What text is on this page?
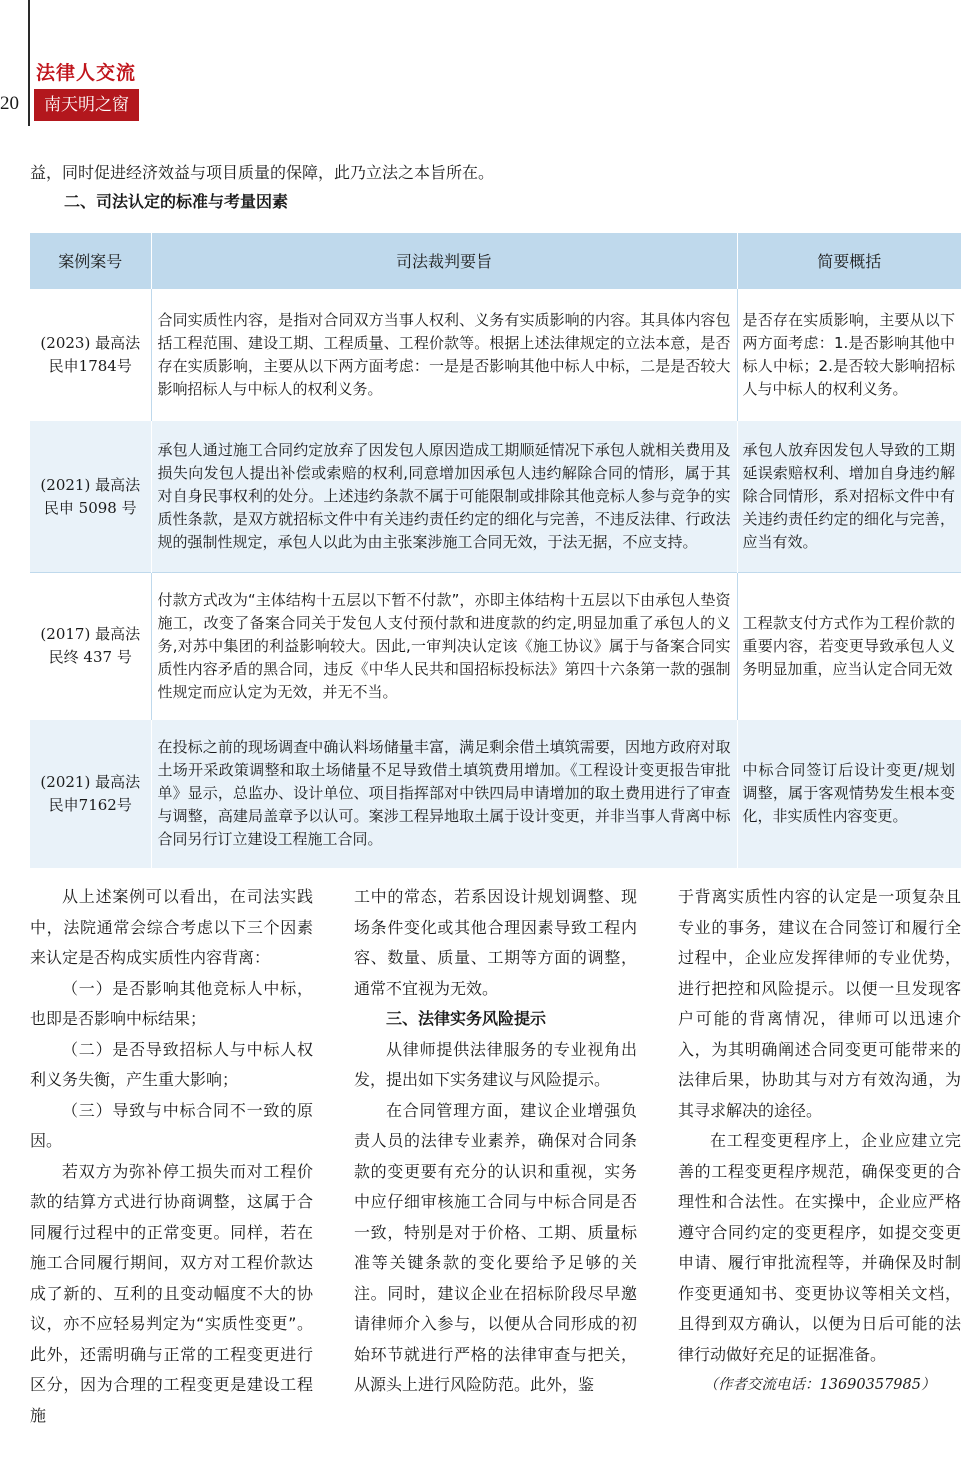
20
法律人交流
南天明之窗
益，同时促进经济效益与项目质量的保障，此乃立法之本旨所在。
二、司法认定的标准与考量因素
案例案号	司法裁判要旨	简要概括
(2023) 最高法民申1784号	合同实质性内容，是指对合同双方当事人权利、义务有实质影响的内容。其具体内容包括工程范围、建设工期、工程质量、工程价款等。根据上述法律规定的立法本意，是否存在实质影响，主要从以下两方面考虑：一是是否影响其他中标人中标，二是是否较大影响招标人与中标人的权利义务。	是否存在实质影响，主要从以下两方面考虑：1.是否影响其他中标人中标；2.是否较大影响招标人与中标人的权利义务。
(2021) 最高法民申 5098 号	承包人通过施工合同约定放弃了因发包人原因造成工期顺延情况下承包人就相关费用及损失向发包人提出补偿或索赔的权利,同意增加因承包人违约解除合同的情形，属于其对自身民事权利的处分。上述违约条款不属于可能限制或排除其他竞标人参与竞争的实质性条款，是双方就招标文件中有关违约责任约定的细化与完善，不违反法律、行政法规的强制性规定，承包人以此为由主张案涉施工合同无效，于法无据，不应支持。	承包人放弃因发包人导致的工期延误索赔权利、增加自身违约解除合同情形，系对招标文件中有关违约责任约定的细化与完善，应当有效。
(2017) 最高法民终 437 号	付款方式改为“主体结构十五层以下暂不付款”，亦即主体结构十五层以下由承包人垫资施工，改变了备案合同关于发包人支付预付款和进度款的约定,明显加重了承包人的义务,对苏中集团的利益影响较大。因此,一审判决认定该《施工协议》属于与备案合同实质性内容矛盾的黑合同，违反《中华人民共和国招标投标法》第四十六条第一款的强制性规定而应认定为无效，并无不当。	工程款支付方式作为工程价款的重要内容，若变更导致承包人义务明显加重，应当认定合同无效
(2021) 最高法民申7162号	在投标之前的现场调查中确认料场储量丰富，满足剩余借土填筑需要，因地方政府对取土场开采政策调整和取土场储量不足导致借土填筑费用增加。《工程设计变更报告审批单》显示，总监办、设计单位、项目指挥部对中铁四局申请增加的取土费用进行了审查与调整，高建局盖章予以认可。案涉工程异地取土属于设计变更，并非当事人背离中标合同另行订立建设工程施工合同。	中标合同签订后设计变更/规划调整，属于客观情势发生根本变化，非实质性内容变更。

从上述案例可以看出，在司法实践中，法院通常会综合考虑以下三个因素来认定是否构成实质性内容背离：

（一）是否影响其他竞标人中标，也即是否影响中标结果；

（二）是否导致招标人与中标人权利义务失衡，产生重大影响；

（三）导致与中标合同不一致的原因。

若双方为弥补停工损失而对工程价款的结算方式进行协商调整，这属于合同履行过程中的正常变更。同样，若在施工合同履行期间，双方对工程价款达成了新的、互利的且变动幅度不大的协议，亦不应轻易判定为“实质性变更”。此外，还需明确与正常的工程变更进行区分，因为合理的工程变更是建设工程施

工中的常态，若系因设计规划调整、现场条件变化或其他合理因素导致工程内容、数量、质量、工期等方面的调整，通常不宜视为无效。

三、法律实务风险提示

从律师提供法律服务的专业视角出发，提出如下实务建议与风险提示。

在合同管理方面，建议企业增强负责人员的法律专业素养，确保对合同条款的变更要有充分的认识和重视，实务中应仔细审核施工合同与中标合同是否一致，特别是对于价格、工期、质量标准等关键条款的变化要给予足够的关注。同时，建议企业在招标阶段尽早邀请律师介入参与，以便从合同形成的初始环节就进行严格的法律审查与把关，从源头上进行风险防范。此外，鉴

于背离实质性内容的认定是一项复杂且专业的事务，建议在合同签订和履行全过程中，企业应发挥律师的专业优势，进行把控和风险提示。以便一旦发现客户可能的背离情况，律师可以迅速介入，为其明确阐述合同变更可能带来的法律后果，协助其与对方有效沟通，为其寻求解决的途径。

在工程变更程序上，企业应建立完善的工程变更程序规范，确保变更的合理性和合法性。在实操中，企业应严格遵守合同约定的变更程序，如提交变更申请、履行审批流程等，并确保及时制作变更通知书、变更协议等相关文档，且得到双方确认，以便为日后可能的法律行动做好充足的证据准备。

（作者交流电话：13690357985）
